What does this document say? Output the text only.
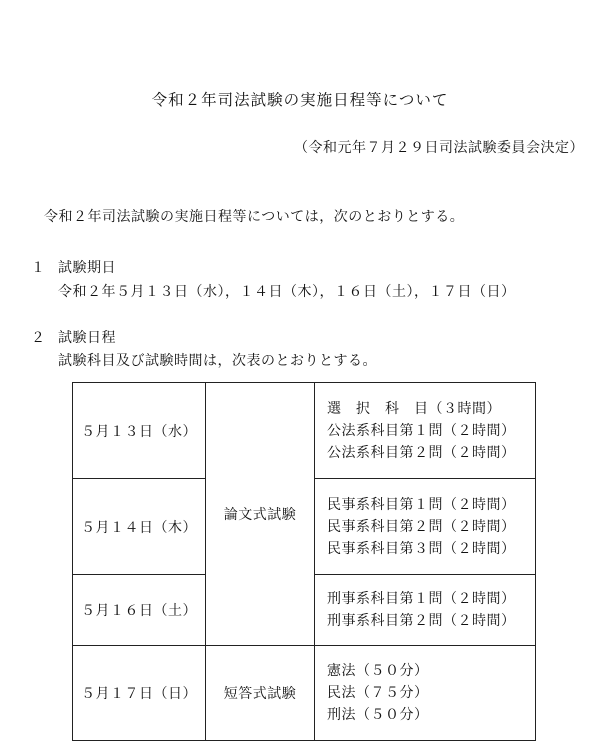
令和２年司法試験の実施日程等について
（令和元年７月２９日司法試験委員会決定）
令和２年司法試験の実施日程等については，次のとおりとする。
１ 試験期日
令和２年５月１３日（水），１４日（木），１６日（土），１７日（日）
２ 試験日程
試験科目及び試験時間は，次表のとおりとする。
５月１３日（水）	論文式試験	選　択　科　目（３時間）
公法系科目第１問（２時間）
公法系科目第２問（２時間）

５月１４日（木）		民事系科目第１問（２時間）
民事系科目第２問（２時間）
民事系科目第３問（２時間）

５月１６日（土）		刑事系科目第１問（２時間）
刑事系科目第２問（２時間）

５月１７日（日）	短答式試験	憲法（５０分）
民法（７５分）
刑法（５０分）
